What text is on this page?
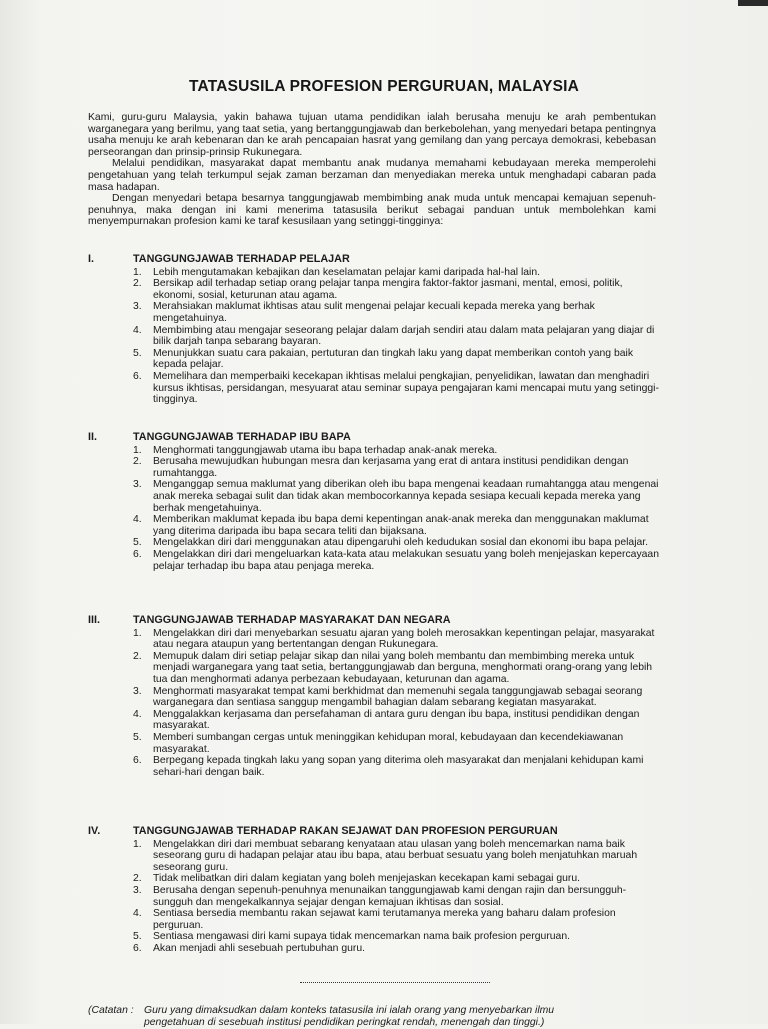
TATASUSILA PROFESION PERGURUAN, MALAYSIA

Kami, guru-guru Malaysia, yakin bahawa tujuan utama pendidikan ialah berusaha menuju ke arah pembentukan warganegara yang berilmu, yang taat setia, yang bertanggungjawab dan berkebolehan, yang menyedari betapa pentingnya usaha menuju ke arah kebenaran dan ke arah pencapaian hasrat yang gemilang dan yang percaya demokrasi, kebebasan perseorangan dan prinsip-prinsip Rukunegara.

Melalui pendidikan, masyarakat dapat membantu anak mudanya memahami kebudayaan mereka memperolehi pengetahuan yang telah terkumpul sejak zaman berzaman dan menyediakan mereka untuk menghadapi cabaran pada masa hadapan.

Dengan menyedari betapa besarnya tanggungjawab membimbing anak muda untuk mencapai kemajuan sepenuh-penuhnya, maka dengan ini kami menerima tatasusila berikut sebagai panduan untuk membolehkan kami menyempurnakan profesion kami ke taraf kesusilaan yang setinggi-tingginya:

I.	TANGGUNGJAWAB TERHADAP PELAJAR
1.	Lebih mengutamakan kebajikan dan keselamatan pelajar kami daripada hal-hal lain.
2.	Bersikap adil terhadap setiap orang pelajar tanpa mengira faktor-faktor jasmani, mental, emosi, politik, ekonomi, sosial, keturunan atau agama.
3.	Merahsiakan maklumat ikhtisas atau sulit mengenai pelajar kecuali kepada mereka yang berhak mengetahuinya.
4.	Membimbing atau mengajar seseorang pelajar dalam darjah sendiri atau dalam mata pelajaran yang diajar di bilik darjah tanpa sebarang bayaran.
5.	Menunjukkan suatu cara pakaian, pertuturan dan tingkah laku yang dapat memberikan contoh yang baik kepada pelajar.
6.	Memelihara dan memperbaiki kecekapan ikhtisas melalui pengkajian, penyelidikan, lawatan dan menghadiri kursus ikhtisas, persidangan, mesyuarat atau seminar supaya pengajaran kami mencapai mutu yang setinggi-tingginya.
II.	TANGGUNGJAWAB TERHADAP IBU BAPA
1.	Menghormati tanggungjawab utama ibu bapa terhadap anak-anak mereka.
2.	Berusaha mewujudkan hubungan mesra dan kerjasama yang erat di antara institusi pendidikan dengan rumahtangga.
3.	Menganggap semua maklumat yang diberikan oleh ibu bapa mengenai keadaan rumahtangga atau mengenai anak mereka sebagai sulit dan tidak akan membocorkannya kepada sesiapa kecuali kepada mereka yang berhak mengetahuinya.
4.	Memberikan maklumat kepada ibu bapa demi kepentingan anak-anak mereka dan menggunakan maklumat yang diterima daripada ibu bapa secara teliti dan bijaksana.
5.	Mengelakkan diri dari menggunakan atau dipengaruhi oleh kedudukan sosial dan ekonomi ibu bapa pelajar.
6.	Mengelakkan diri dari mengeluarkan kata-kata atau melakukan sesuatu yang boleh menjejaskan kepercayaan pelajar terhadap ibu bapa atau penjaga mereka.
III.	TANGGUNGJAWAB TERHADAP MASYARAKAT DAN NEGARA
1.	Mengelakkan diri dari menyebarkan sesuatu ajaran yang boleh merosakkan kepentingan pelajar, masyarakat atau negara ataupun yang bertentangan dengan Rukunegara.
2.	Memupuk dalam diri setiap pelajar sikap dan nilai yang boleh membantu dan membimbing mereka untuk menjadi warganegara yang taat setia, bertanggungjawab dan berguna, menghormati orang-orang yang lebih tua dan menghormati adanya perbezaan kebudayaan, keturunan dan agama.
3.	Menghormati masyarakat tempat kami berkhidmat dan memenuhi segala tanggungjawab sebagai seorang warganegara dan sentiasa sanggup mengambil bahagian dalam sebarang kegiatan masyarakat.
4.	Menggalakkan kerjasama dan persefahaman di antara guru dengan ibu bapa, institusi pendidikan dengan masyarakat.
5.	Memberi sumbangan cergas untuk meninggikan kehidupan moral, kebudayaan dan kecendekiawanan masyarakat.
6.	Berpegang kepada tingkah laku yang sopan yang diterima oleh masyarakat dan menjalani kehidupan kami sehari-hari dengan baik.
IV.	TANGGUNGJAWAB TERHADAP RAKAN SEJAWAT DAN PROFESION PERGURUAN
1.	Mengelakkan diri dari membuat sebarang kenyataan atau ulasan yang boleh mencemarkan nama baik seseorang guru di hadapan pelajar atau ibu bapa, atau berbuat sesuatu yang boleh menjatuhkan maruah seseorang guru.
2.	Tidak melibatkan diri dalam kegiatan yang boleh menjejaskan kecekapan kami sebagai guru.
3.	Berusaha dengan sepenuh-penuhnya menunaikan tanggungjawab kami dengan rajin dan bersungguh-sungguh dan mengekalkannya sejajar dengan kemajuan ikhtisas dan sosial.
4.	Sentiasa bersedia membantu rakan sejawat kami terutamanya mereka yang baharu dalam profesion perguruan.
5.	Sentiasa mengawasi diri kami supaya tidak mencemarkan nama baik profesion perguruan.
6.	Akan menjadi ahli sesebuah pertubuhan guru.
(Catatan : Guru yang dimaksudkan dalam konteks tatasusila ini ialah orang yang menyebarkan ilmu
pengetahuan di sesebuah institusi pendidikan peringkat rendah, menengah dan tinggi.)
